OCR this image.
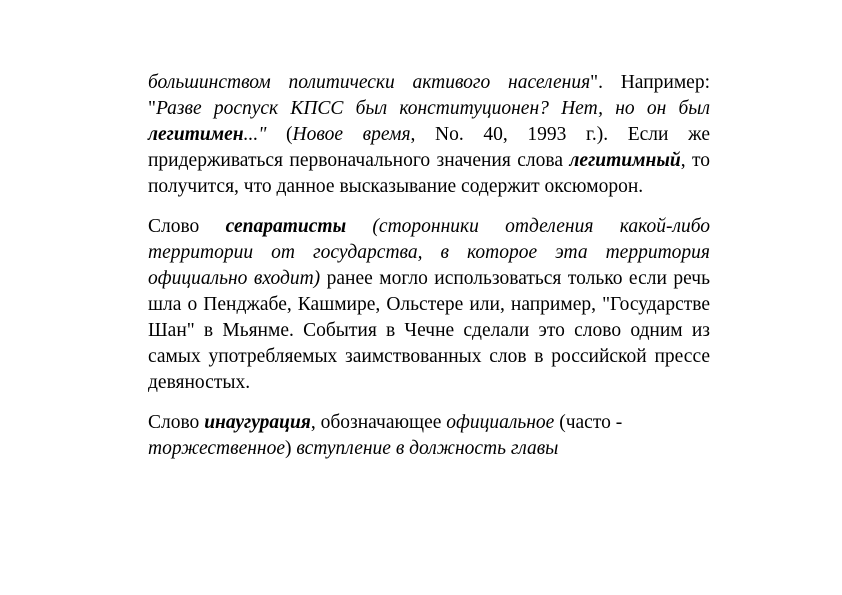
большинством политически активого населения". Например: "Разве роспуск КПСС был конституционен? Нет, но он был легитимен..." (Новое время, No. 40, 1993 г.). Если же придерживаться первоначального значения слова легитимный, то получится, что данное высказывание содержит оксюморон.

Слово сепаратисты (сторонники отделения какой-либо территории от государства, в которое эта территория официально входит) ранее могло использоваться только если речь шла о Пенджабе, Кашмире, Ольстере или, например, "Государстве Шан" в Мьянме. События в Чечне сделали это слово одним из самых употребляемых заимствованных слов в российской прессе девяностых.

Слово инаугурация, обозначающее официальное (часто - торжественное) вступление в должность главы
